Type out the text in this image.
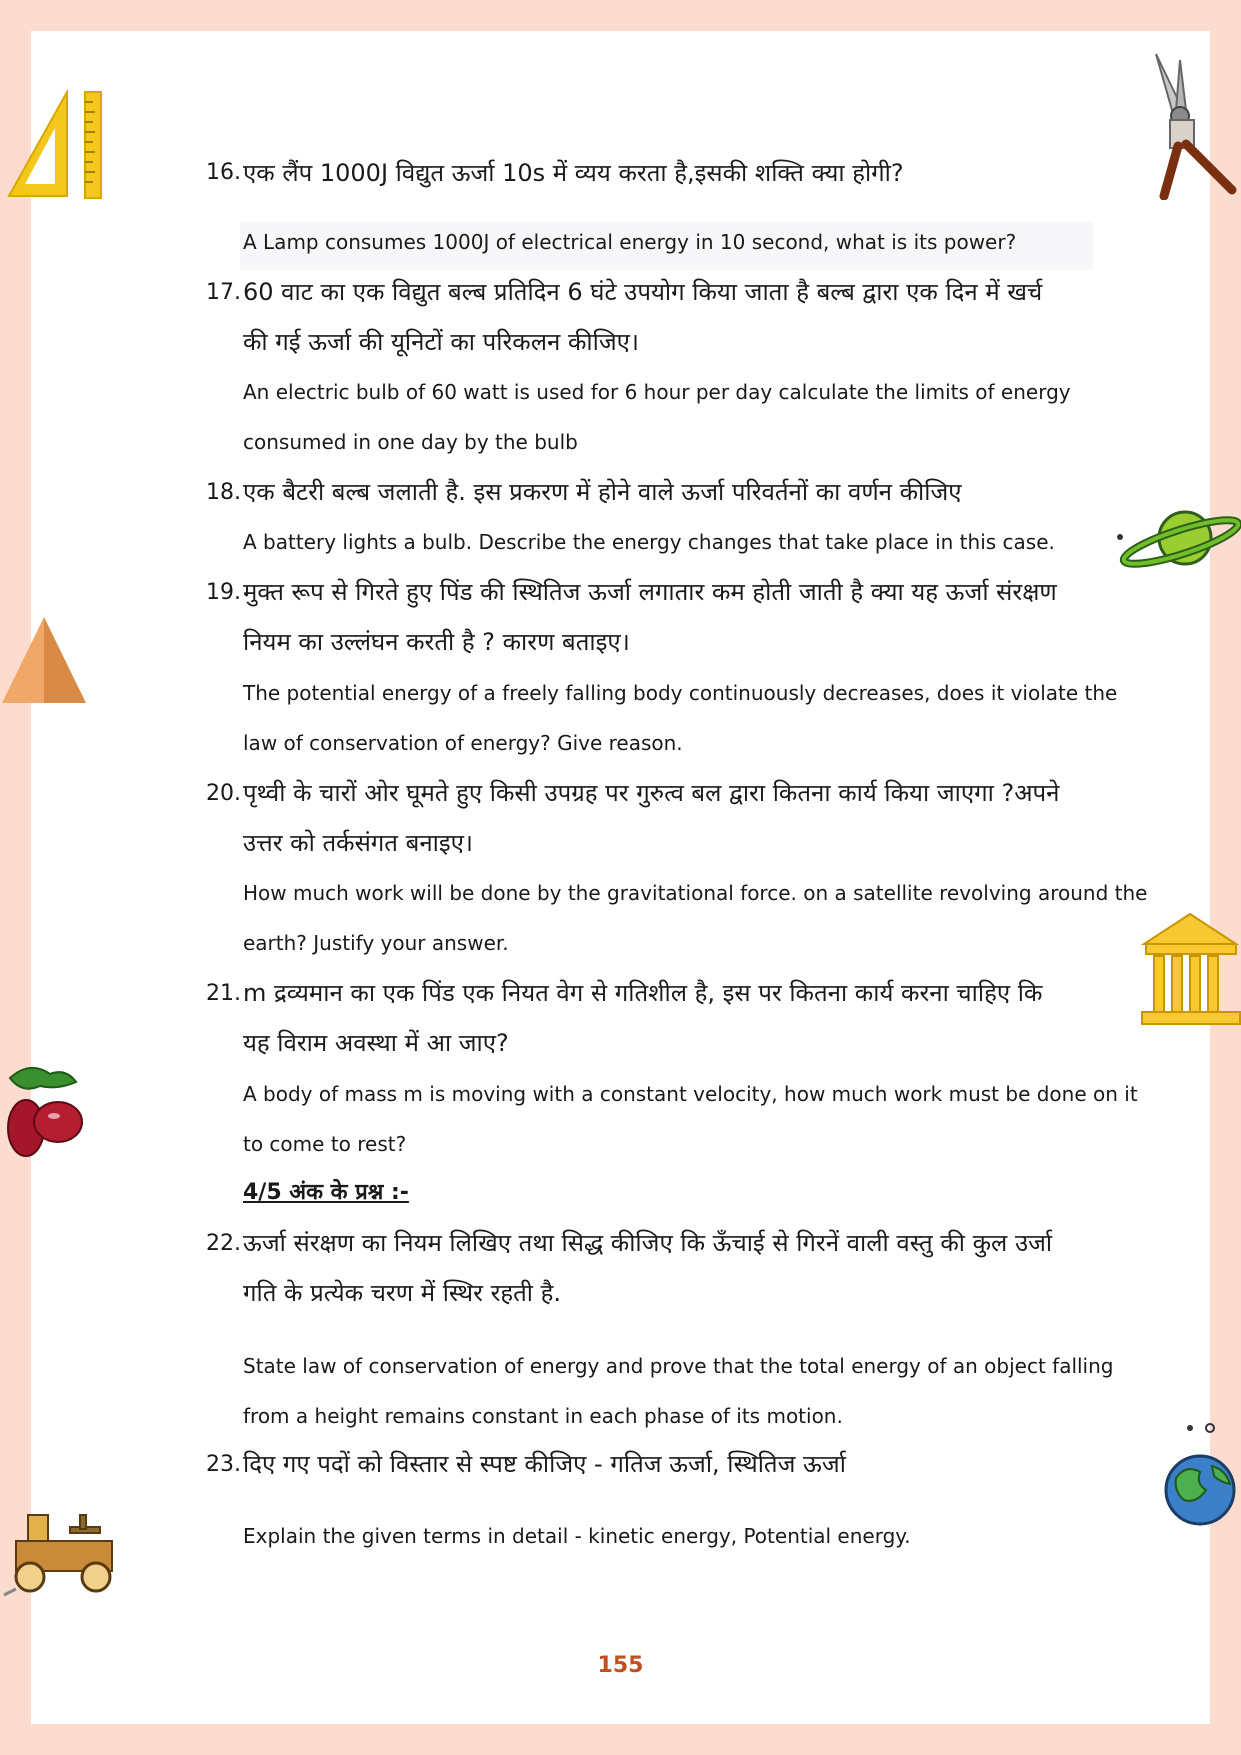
16. एक लैंप 1000J विद्युत ऊर्जा 10s में व्यय करता है,इसकी शक्ति क्या होगी?
A Lamp consumes 1000J of electrical energy in 10 second, what is its power?
17. 60 वाट का एक विद्युत बल्ब प्रतिदिन 6 घंटे उपयोग किया जाता है बल्ब द्वारा एक दिन में खर्च
की गई ऊर्जा की यूनिटों का परिकलन कीजिए।
An electric bulb of 60 watt is used for 6 hour per day calculate the limits of energy
consumed in one day by the bulb
18. एक बैटरी बल्ब जलाती है. इस प्रकरण में होने वाले ऊर्जा परिवर्तनों का वर्णन कीजिए
A battery lights a bulb. Describe the energy changes that take place in this case.
19. मुक्त रूप से गिरते हुए पिंड की स्थितिज ऊर्जा लगातार कम होती जाती है क्या यह ऊर्जा संरक्षण
नियम का उल्लंघन करती है ? कारण बताइए।
The potential energy of a freely falling body continuously decreases, does it violate the
law of conservation of energy? Give reason.
20. पृथ्वी के चारों ओर घूमते हुए किसी उपग्रह पर गुरुत्व बल द्वारा कितना कार्य किया जाएगा ?अपने
उत्तर को तर्कसंगत बनाइए।
How much work will be done by the gravitational force. on a satellite revolving around the
earth? Justify your answer.
21. m द्रव्यमान का एक पिंड एक नियत वेग से गतिशील है, इस पर कितना कार्य करना चाहिए कि
यह विराम अवस्था में आ जाए?
A body of mass m is moving with a constant velocity, how much work must be done on it
to come to rest?
4/5 अंक के प्रश्न :-
22. ऊर्जा संरक्षण का नियम लिखिए तथा सिद्ध कीजिए कि ऊँचाई से गिरनें वाली वस्तु की कुल उर्जा
गति के प्रत्येक चरण में स्थिर रहती है.
State law of conservation of energy and prove that the total energy of an object falling
from a height remains constant in each phase of its motion.
23. दिए गए पदों को विस्तार से स्पष्ट कीजिए - गतिज ऊर्जा, स्थितिज ऊर्जा
Explain the given terms in detail - kinetic energy, Potential energy.
155
